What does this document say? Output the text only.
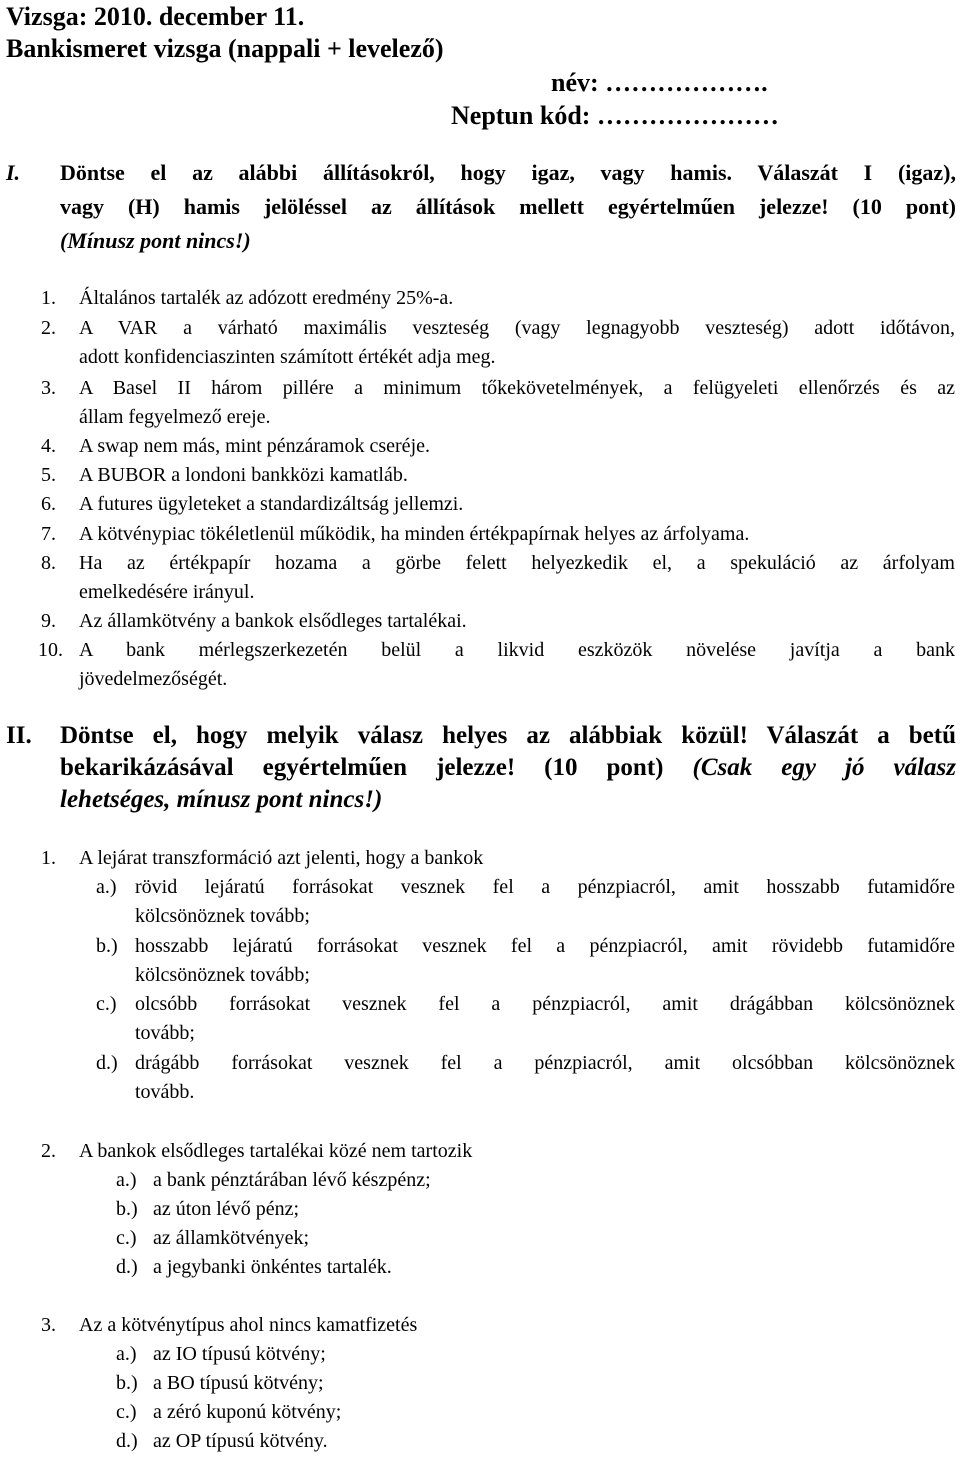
Vizsga: 2010. december 11.
Bankismeret vizsga (nappali + levelező)
név: ……………….
Neptun kód: …………………
I. Döntse el az alábbi állításokról, hogy igaz, vagy hamis. Válaszát I (igaz),
vagy (H) hamis jelöléssel az állítások mellett egyértelműen jelezze! (10 pont)
(Mínusz pont nincs!)
1. Általános tartalék az adózott eredmény 25%-a.
2. A VAR a várható maximális veszteség (vagy legnagyobb veszteség) adott időtávon,
adott konfidenciaszinten számított értékét adja meg.
3. A Basel II három pillére a minimum tőkekövetelmények, a felügyeleti ellenőrzés és az
állam fegyelmező ereje.
4. A swap nem más, mint pénzáramok cseréje.
5. A BUBOR a londoni bankközi kamatláb.
6. A futures ügyleteket a standardizáltság jellemzi.
7. A kötvénypiac tökéletlenül működik, ha minden értékpapírnak helyes az árfolyama.
8. Ha az értékpapír hozama a görbe felett helyezkedik el, a spekuláció az árfolyam
emelkedésére irányul.
9. Az államkötvény a bankok elsődleges tartalékai.
10. A bank mérlegszerkezetén belül a likvid eszközök növelése javítja a bank
jövedelmezőségét.
II. Döntse el, hogy melyik válasz helyes az alábbiak közül! Válaszát a betű
bekarikázásával egyértelműen jelezze! (10 pont) (Csak egy jó válasz
lehetséges, mínusz pont nincs!)
1. A lejárat transzformáció azt jelenti, hogy a bankok
a.) rövid lejáratú forrásokat vesznek fel a pénzpiacról, amit hosszabb futamidőre
kölcsönöznek tovább;
b.) hosszabb lejáratú forrásokat vesznek fel a pénzpiacról, amit rövidebb futamidőre
kölcsönöznek tovább;
c.) olcsóbb forrásokat vesznek fel a pénzpiacról, amit drágábban kölcsönöznek
tovább;
d.) drágább forrásokat vesznek fel a pénzpiacról, amit olcsóbban kölcsönöznek
tovább.
2. A bankok elsődleges tartalékai közé nem tartozik
a.) a bank pénztárában lévő készpénz;
b.) az úton lévő pénz;
c.) az államkötvények;
d.) a jegybanki önkéntes tartalék.
3. Az a kötvénytípus ahol nincs kamatfizetés
a.) az IO típusú kötvény;
b.) a BO típusú kötvény;
c.) a zéró kuponú kötvény;
d.) az OP típusú kötvény.
